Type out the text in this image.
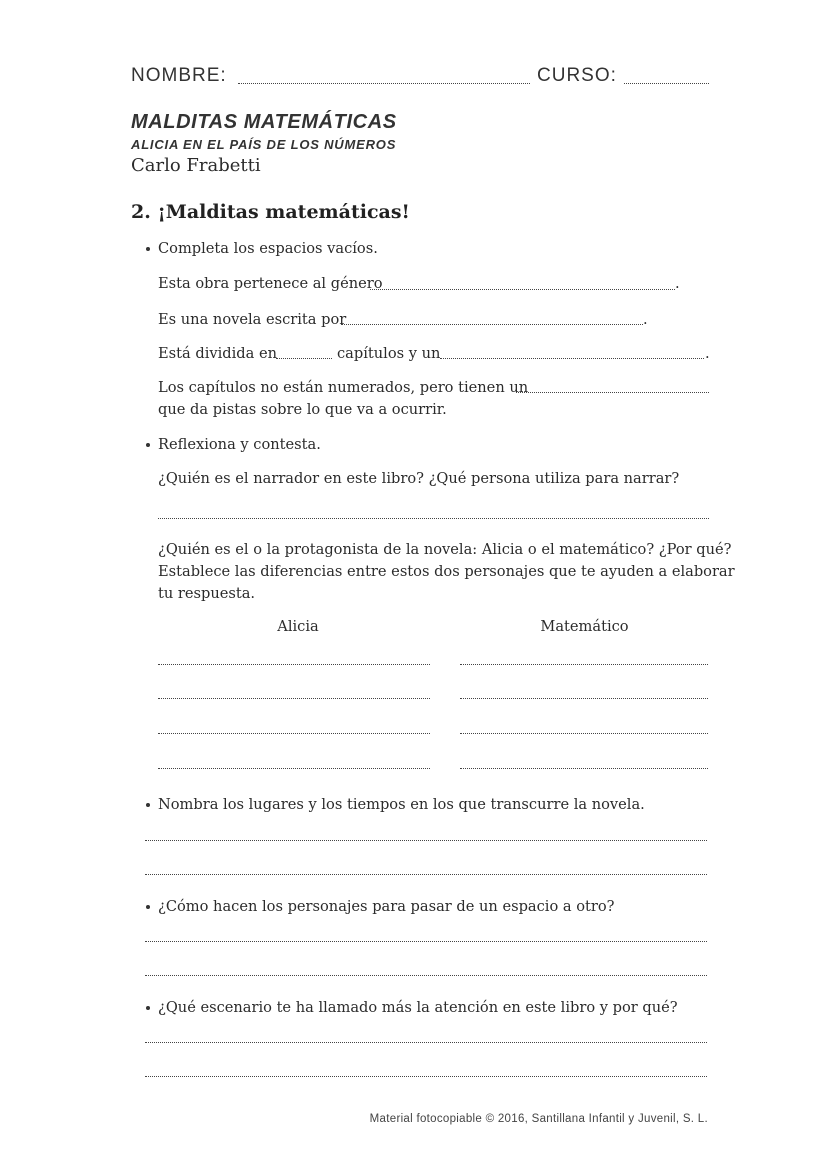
NOMBRE:	CURSO:
MALDITAS MATEMÁTICAS
ALICIA EN EL PAÍS DE LOS NÚMEROS
Carlo Frabetti
2. ¡Malditas matemáticas!
Completa los espacios vacíos.
Esta obra pertenece al género	.
Es una novela escrita por	.
Está dividida en	capítulos y un	.
Los capítulos no están numerados, pero tienen un
que da pistas sobre lo que va a ocurrir.
Reflexiona y contesta.
¿Quién es el narrador en este libro? ¿Qué persona utiliza para narrar?
¿Quién es el o la protagonista de la novela: Alicia o el matemático? ¿Por qué?
Establece las diferencias entre estos dos personajes que te ayuden a elaborar
tu respuesta.
Alicia	Matemático
Nombra los lugares y los tiempos en los que transcurre la novela.
¿Cómo hacen los personajes para pasar de un espacio a otro?
¿Qué escenario te ha llamado más la atención en este libro y por qué?
Material fotocopiable © 2016, Santillana Infantil y Juvenil, S. L.
